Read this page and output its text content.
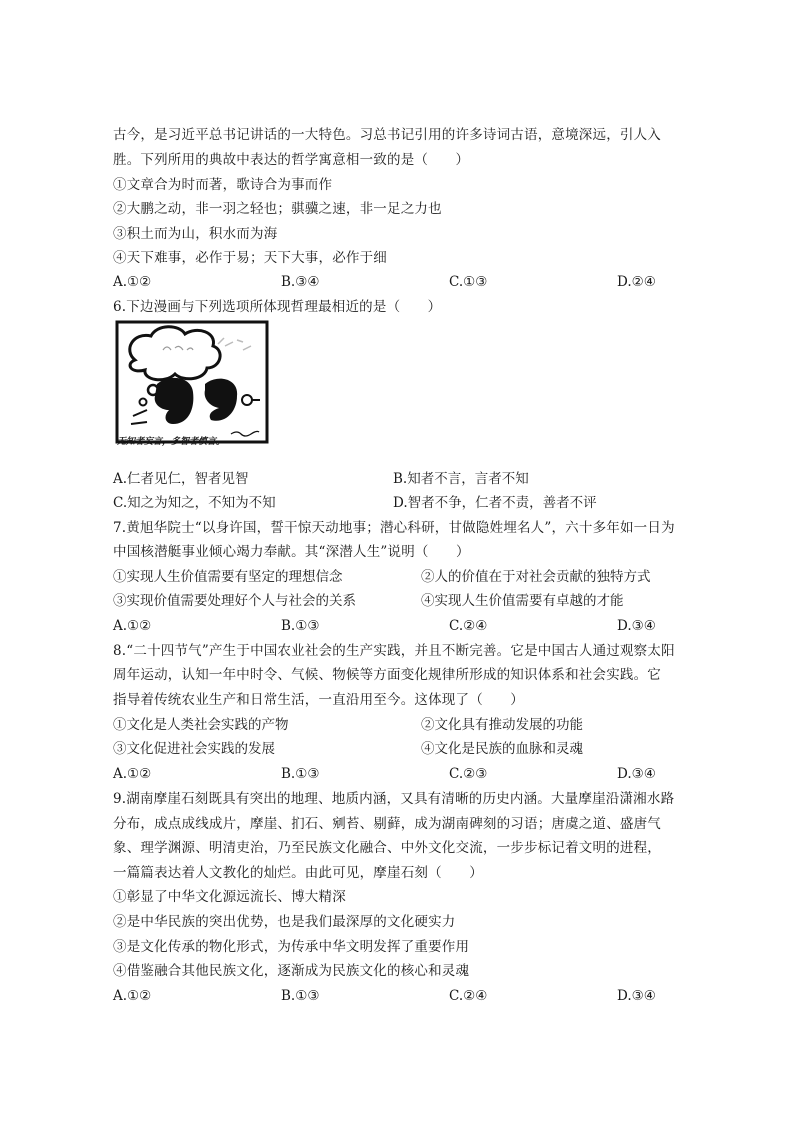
古今，是习近平总书记讲话的一大特色。习总书记引用的许多诗词古语，意境深远，引人入
胜。下列所用的典故中表达的哲学寓意相一致的是（　　）
①文章合为时而著，歌诗合为事而作
②大鹏之动，非一羽之轻也；骐骥之速，非一足之力也
③积土而为山，积水而为海
④天下难事，必作于易；天下大事，必作于细
A.①②	B.③④	C.①③	D.②④
6.下边漫画与下列选项所体现哲理最相近的是（　　）
无知者妄言，多智者慎言。
A.仁者见仁，智者见智	B.知者不言，言者不知
C.知之为知之，不知为不知	D.智者不争，仁者不责，善者不评
7.黄旭华院士“以身许国，誓干惊天动地事；潜心科研，甘做隐姓埋名人”，六十多年如一日为
中国核潜艇事业倾心竭力奉献。其“深潜人生”说明（　　）
①实现人生价值需要有坚定的理想信念	②人的价值在于对社会贡献的独特方式
③实现价值需要处理好个人与社会的关系	④实现人生价值需要有卓越的才能
A.①②	B.①③	C.②④	D.③④
8.“二十四节气”产生于中国农业社会的生产实践，并且不断完善。它是中国古人通过观察太阳
周年运动，认知一年中时令、气候、物候等方面变化规律所形成的知识体系和社会实践。它
指导着传统农业生产和日常生活，一直沿用至今。这体现了（　　）
①文化是人类社会实践的产物	②文化具有推动发展的功能
③文化促进社会实践的发展	④文化是民族的血脉和灵魂
A.①②	B.①③	C.②③	D.③④
9.湖南摩崖石刻既具有突出的地理、地质内涵，又具有清晰的历史内涵。大量摩崖沿潇湘水路
分布，成点成线成片，摩崖、扪石、剜苔、剔藓，成为湖南碑刻的习语；唐虞之道、盛唐气
象、理学渊源、明清吏治，乃至民族文化融合、中外文化交流，一步步标记着文明的进程，
一篇篇表达着人文教化的灿烂。由此可见，摩崖石刻（　　）
①彰显了中华文化源远流长、博大精深
②是中华民族的突出优势，也是我们最深厚的文化硬实力
③是文化传承的物化形式，为传承中华文明发挥了重要作用
④借鉴融合其他民族文化，逐渐成为民族文化的核心和灵魂
A.①②	B.①③	C.②④	D.③④
